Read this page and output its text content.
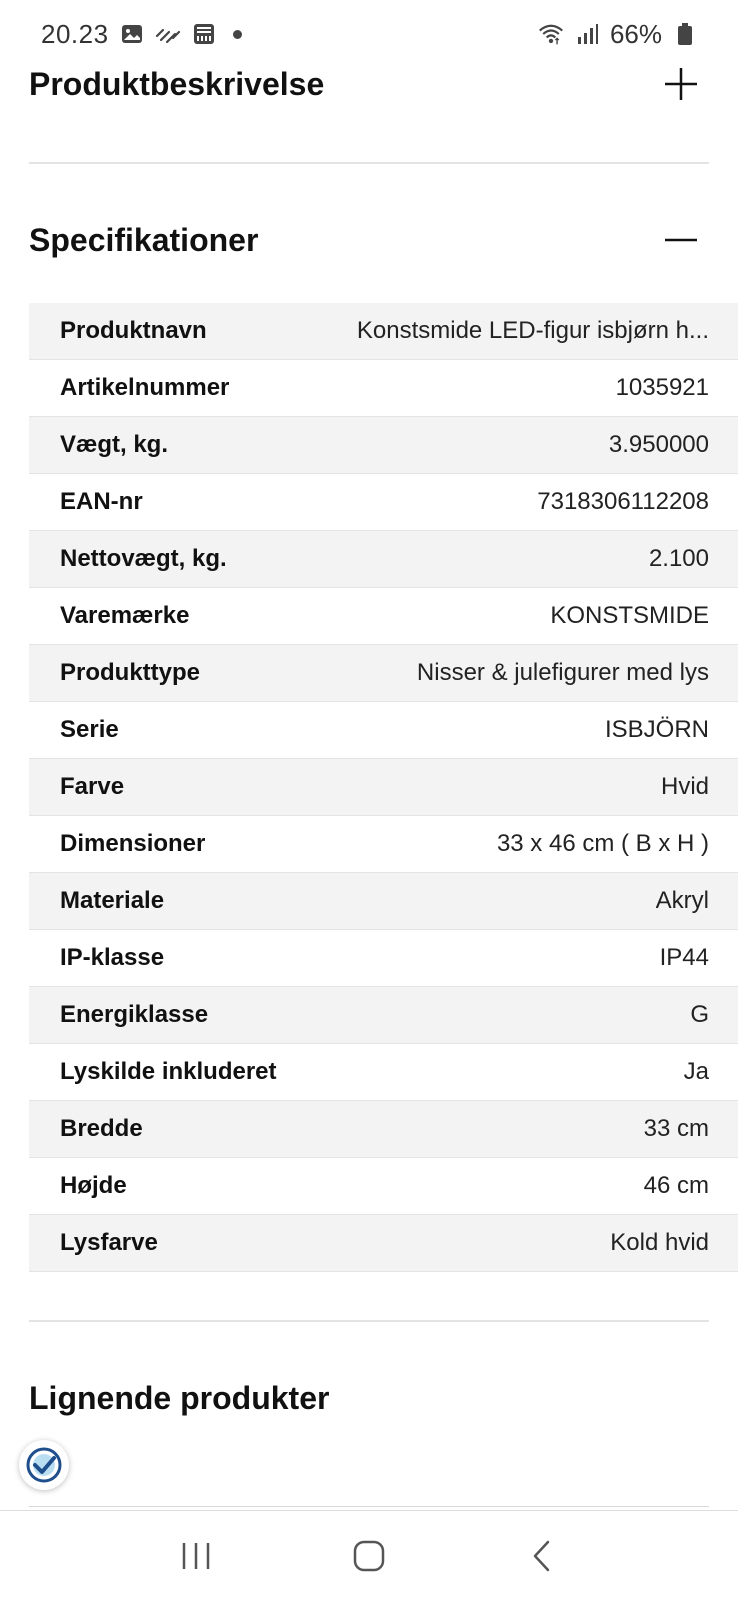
20.23	66%
Produktbeskrivelse
Specifikationer
Produktnavn	Konstsmide LED-figur isbjørn h...
Artikelnummer	1035921
Vægt, kg.	3.950000
EAN-nr	7318306112208
Nettovægt, kg.	2.100
Varemærke	KONSTSMIDE
Produkttype	Nisser & julefigurer med lys
Serie	ISBJÖRN
Farve	Hvid
Dimensioner	33 x 46 cm ( B x H )
Materiale	Akryl
IP-klasse	IP44
Energiklasse	G
Lyskilde inkluderet	Ja
Bredde	33 cm
Højde	46 cm
Lysfarve	Kold hvid
Lignende produkter
